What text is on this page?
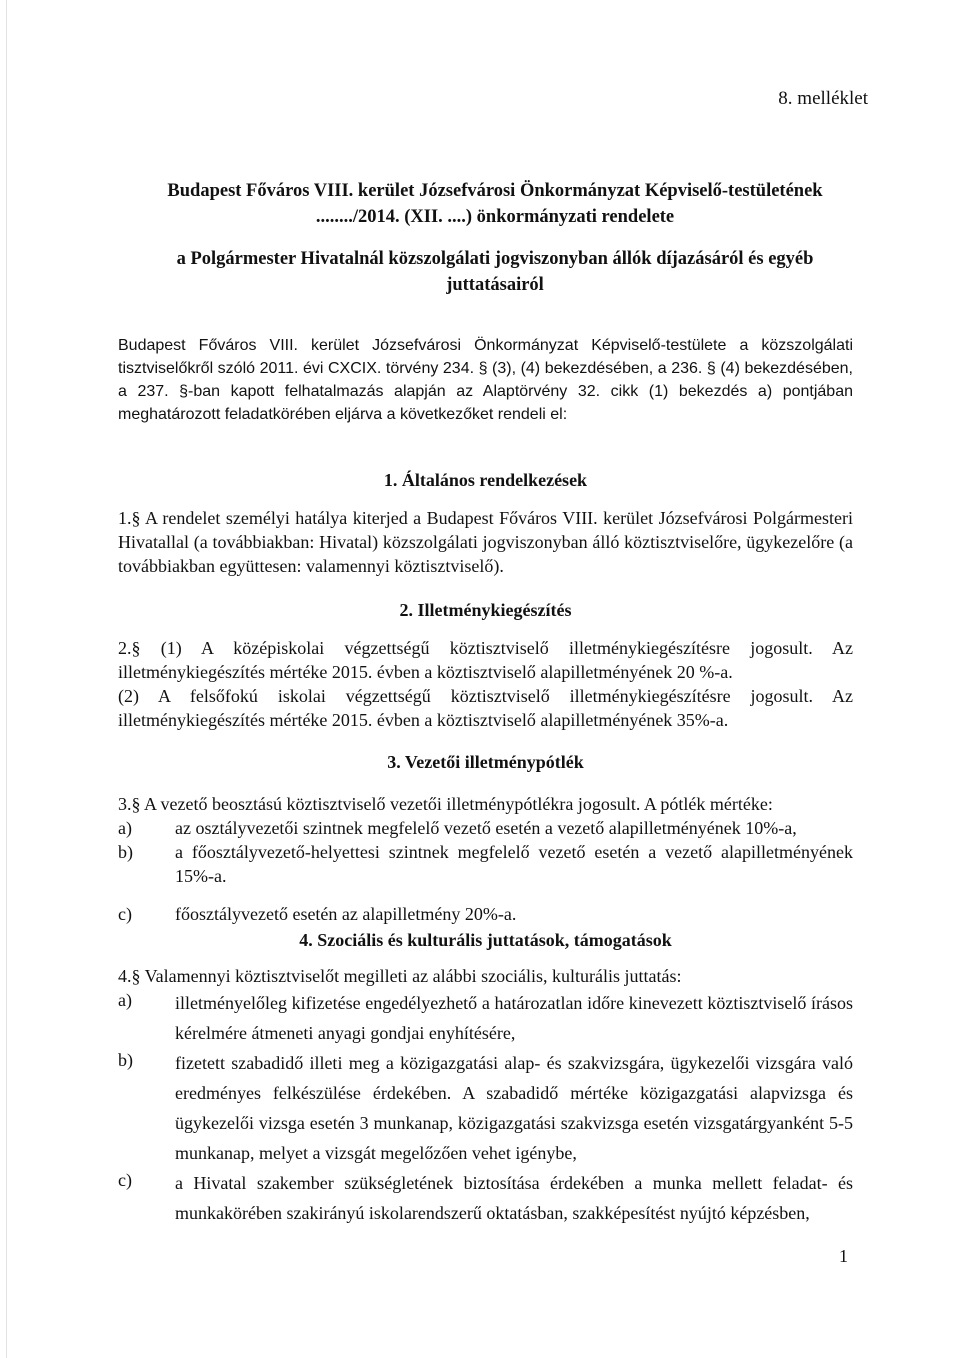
8. melléklet
Budapest Főváros VIII. kerület Józsefvárosi Önkormányzat Képviselő-testületének
......../2014. (XII. ....) önkormányzati rendelete
a Polgármester Hivatalnál közszolgálati jogviszonyban állók díjazásáról és egyéb juttatásairól
Budapest Főváros VIII. kerület Józsefvárosi Önkormányzat Képviselő-testülete a közszolgálati tisztviselőkről szóló 2011. évi CXCIX. törvény 234. § (3), (4) bekezdésében, a 236. § (4) bekezdésében, a 237. §-ban kapott felhatalmazás alapján az Alaptörvény 32. cikk (1) bekezdés a) pontjában meghatározott feladatkörében eljárva a következőket rendeli el:
1. Általános rendelkezések
1.§ A rendelet személyi hatálya kiterjed a Budapest Főváros VIII. kerület Józsefvárosi Polgármesteri Hivatallal (a továbbiakban: Hivatal) közszolgálati jogviszonyban álló köztisztviselőre, ügykezelőre (a továbbiakban együttesen: valamennyi köztisztviselő).
2. Illetménykiegészítés
2.§ (1) A középiskolai végzettségű köztisztviselő illetménykiegészítésre jogosult. Az illetménykiegészítés mértéke 2015. évben a köztisztviselő alapilletményének 20 %-a.
(2) A felsőfokú iskolai végzettségű köztisztviselő illetménykiegészítésre jogosult. Az illetménykiegészítés mértéke 2015. évben a köztisztviselő alapilletményének 35%-a.
3. Vezetői illetménypótlék
3.§ A vezető beosztású köztisztviselő vezetői illetménypótlékra jogosult. A pótlék mértéke:
a)	az osztályvezetői szintnek megfelelő vezető esetén a vezető alapilletményének 10%-a,
b)	a főosztályvezető-helyettesi szintnek megfelelő vezető esetén a vezető alapilletményének 15%-a.
c)	főosztályvezető esetén az alapilletmény 20%-a.
4. Szociális és kulturális juttatások, támogatások
4.§ Valamennyi köztisztviselőt megilleti az alábbi szociális, kulturális juttatás:
a)	illetményelőleg kifizetése engedélyezhető a határozatlan időre kinevezett köztisztviselő írásos kérelmére átmeneti anyagi gondjai enyhítésére,
b)	fizetett szabadidő illeti meg a közigazgatási alap- és szakvizsgára, ügykezelői vizsgára való eredményes felkészülése érdekében. A szabadidő mértéke közigazgatási alapvizsga és ügykezelői vizsga esetén 3 munkanap, közigazgatási szakvizsga esetén vizsgatárgyanként 5-5 munkanap, melyet a vizsgát megelőzően vehet igénybe,
c)	a Hivatal szakember szükségletének biztosítása érdekében a munka mellett feladat- és munkakörében szakirányú iskolarendszerű oktatásban, szakképesítést nyújtó képzésben,
1
